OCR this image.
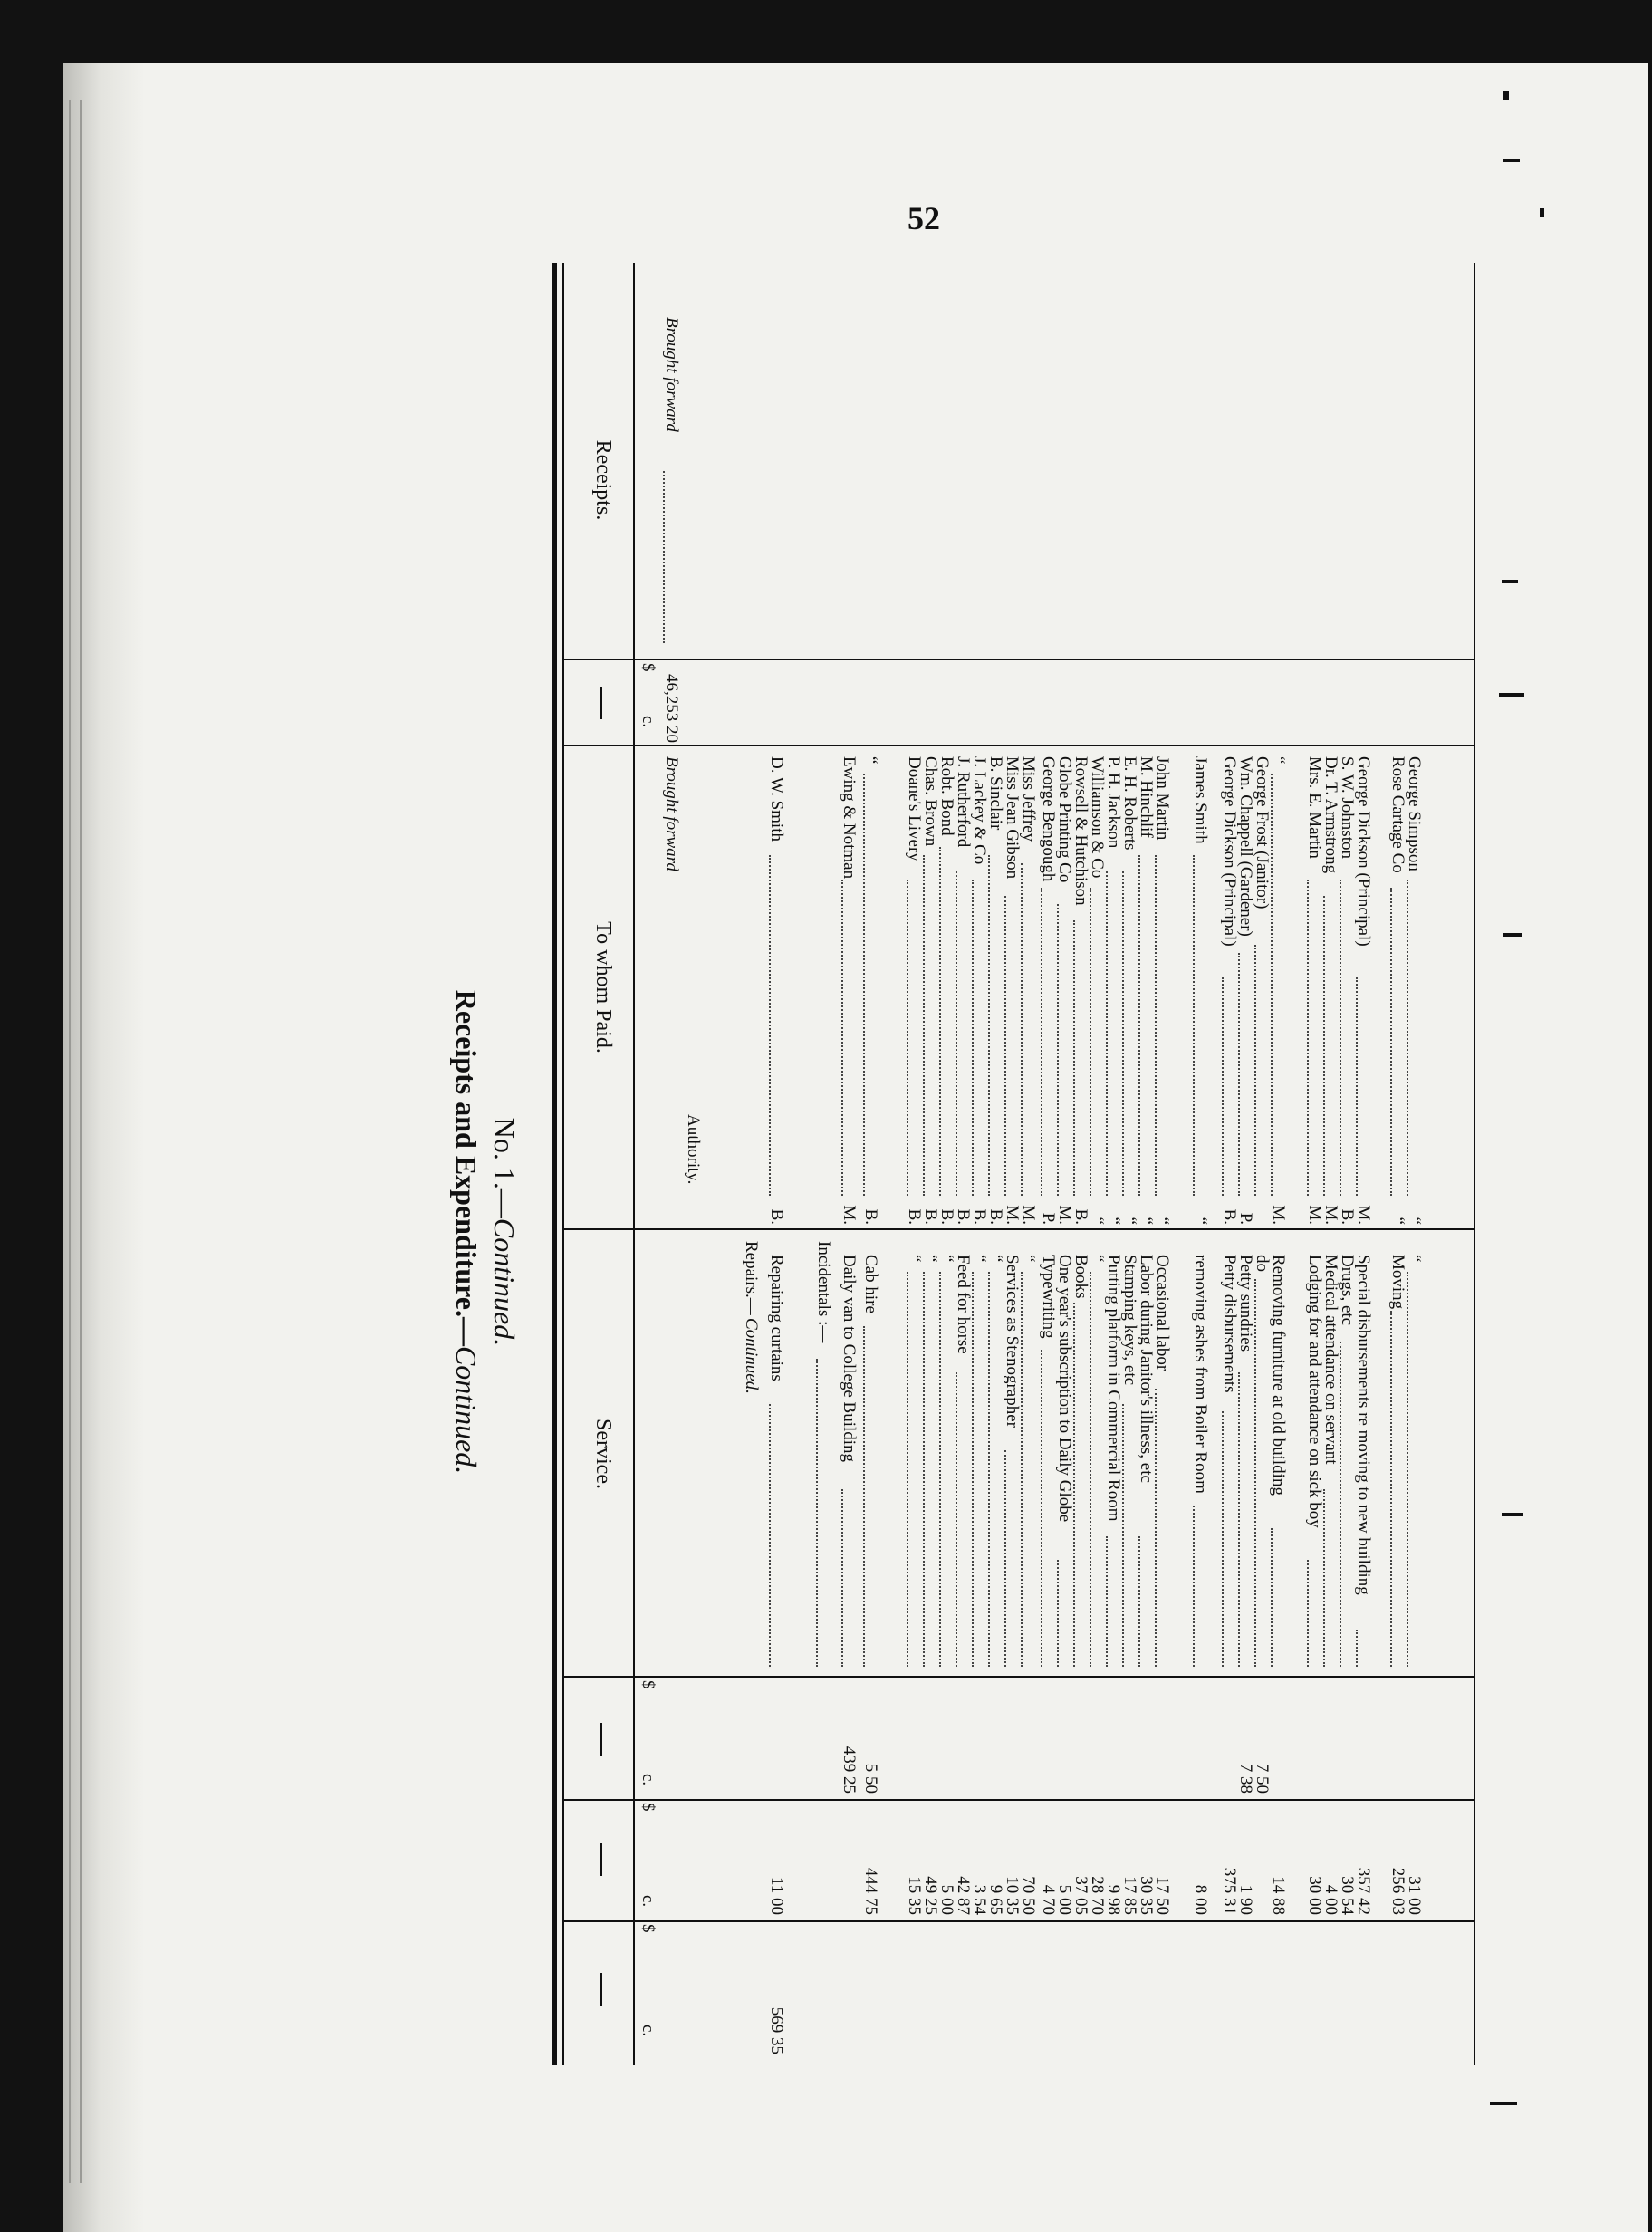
52
No. 1.—Continued.
Receipts and Expenditure.—Continued.
Receipts.
To whom Paid.
Service.
$
c.
$
c.
$
c.
$
c.
Brought forward
46,253 20
Brought forward
Authority.
D. W. Smith
B.
Repairs.—
Continued. Repairing curtains
11 00
569 35
Incidentals :—
Ewing & Notman
M.
Daily van to College Building
439 25
“
B.
Cab hire
5 50
444 75
Doane's Livery
B.
“
15 35
Chas. Brown
B.
“
49 25
Robt. Bond
B.
“
5 00
J. Rutherford
B.
Feed for horse
42 87
J. Lackey & Co
B.
“
3 54
B. Sinclair
B.
“
9 65
Miss Jean Gibson
M.
Services as Stenographer
10 35
Miss Jeffrey
M.
“
70 50
George Bengough
P.
Typewriting
4 70
Globe Printing Co
M.
One year's subscription to Daily Globe
5 00
Rowsell & Hutchison
B.
Books
37 05
Williamson & Co
“
“
28 70
P. H. Jackson
“
Putting platform in Commercial Room
9 98
E. H. Roberts
“
Stamping keys, etc
17 85
M. Hinchlif
“
Labor during Janitor's illness, etc
30 35
John Martin
“
Occasional labor
17 50
James Smith
“
removing ashes from Boiler Room
8 00
George Dickson (Principal)
B.
Petty disbursements
375 31
Wm. Chappell (Gardener)
P.
Petty sundries
7 38
1 90
George Frost (Janitor)
do
7 50
“
M.
Removing furniture at old building
14 88
Mrs. E. Martin
M.
Lodging for and attendance on sick boy
30 00
Dr. T. Armstrong
M.
Medical attendance on servant
4 00
S. W. Johnston
B.
Drugs, etc
30 54
George Dickson (Principal)
M.
Special disbursements re moving to new building
357 42
Rose Cartage Co
“
Moving
256 03
George Simpson
“
“
31 00
